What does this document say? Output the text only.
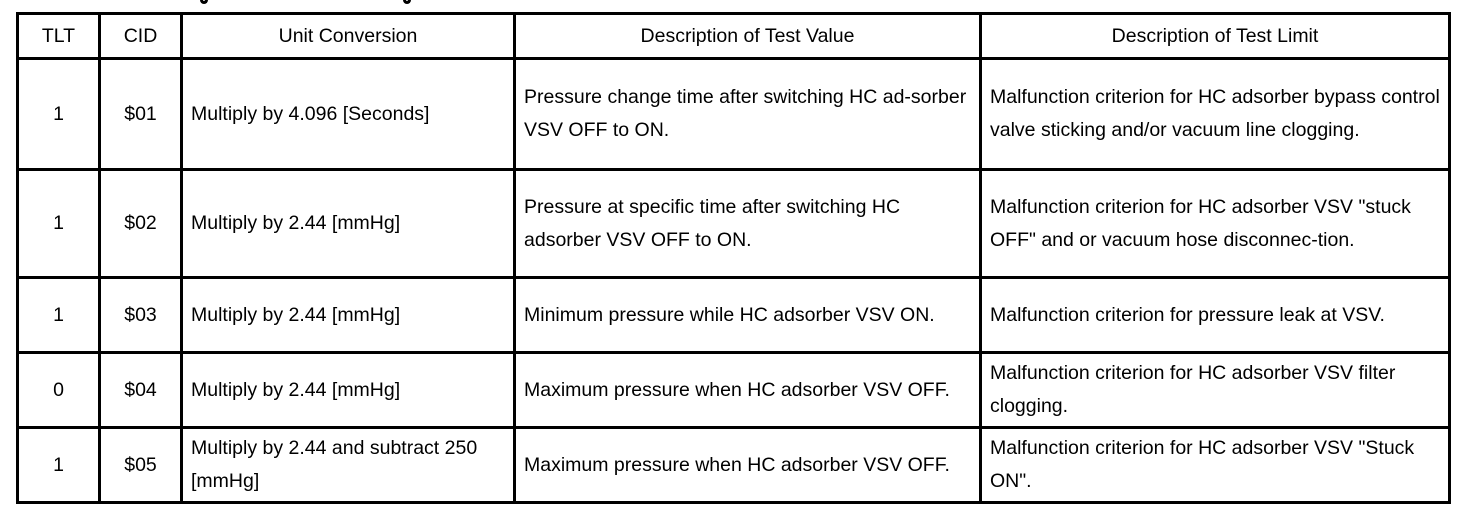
TLT	CID	Unit Conversion	Description of Test Value	Description of Test Limit
1	$01	Multiply by 4.096 [Seconds]	Pressure change time after switching HC ad-sorber VSV OFF to ON.	Malfunction criterion for HC adsorber bypass control valve sticking and/or vacuum line clogging.
1	$02	Multiply by 2.44 [mmHg]	Pressure at specific time after switching HC adsorber VSV OFF to ON.	Malfunction criterion for HC adsorber VSV "stuck OFF" and or vacuum hose disconnec-tion.
1	$03	Multiply by 2.44 [mmHg]	Minimum pressure while HC adsorber VSV ON.	Malfunction criterion for pressure leak at VSV.
0	$04	Multiply by 2.44 [mmHg]	Maximum pressure when HC adsorber VSV OFF.	Malfunction criterion for HC adsorber VSV filter clogging.
1	$05	Multiply by 2.44 and subtract 250 [mmHg]	Maximum pressure when HC adsorber VSV OFF.	Malfunction criterion for HC adsorber VSV "Stuck ON".
